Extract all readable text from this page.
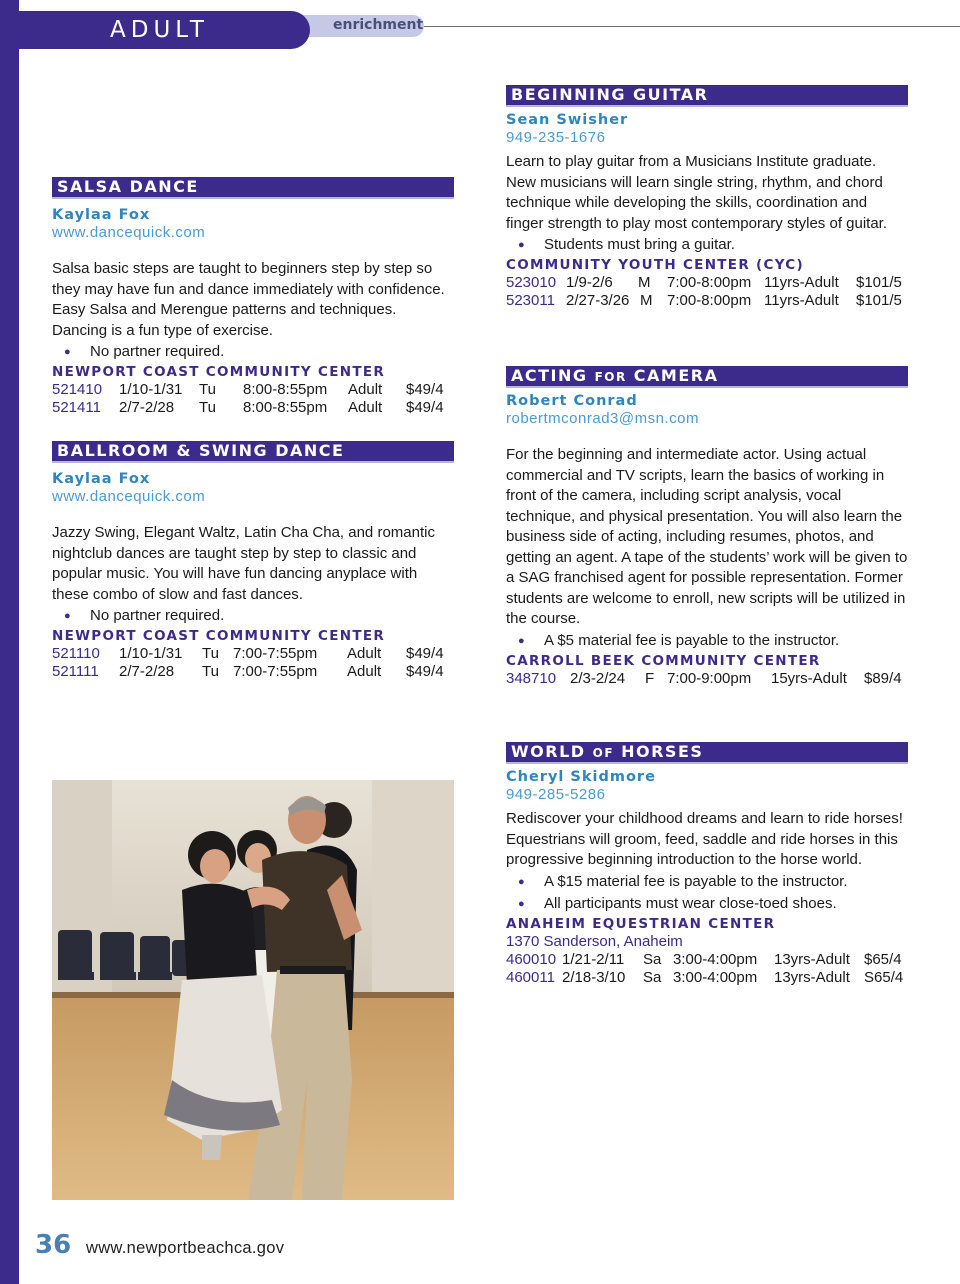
ADULT	enrichment
SALSA DANCE
Kaylaa Fox
www.dancequick.com

Salsa basic steps are taught to beginners step by step so they may have fun and dance immediately with confidence. Easy Salsa and Merengue patterns and techniques. Dancing is a fun type of exercise.

● No partner required.
NEWPORT COAST COMMUNITY CENTER
521410 1/10-1/31 Tu 8:00-8:55pm Adult $49/4
521411 2/7-2/28 Tu 8:00-8:55pm Adult $49/4
BALLROOM & SWING DANCE
Kaylaa Fox
www.dancequick.com

Jazzy Swing, Elegant Waltz, Latin Cha Cha, and romantic nightclub dances are taught step by step to classic and popular music. You will have fun dancing anyplace with these combo of slow and fast dances.

● No partner required.
NEWPORT COAST COMMUNITY CENTER
521110 1/10-1/31 Tu 7:00-7:55pm Adult $49/4
521111 2/7-2/28 Tu 7:00-7:55pm Adult $49/4
BEGINNING GUITAR
Sean Swisher
949-235-1676

Learn to play guitar from a Musicians Institute graduate. New musicians will learn single string, rhythm, and chord technique while developing the skills, coordination and finger strength to play most contemporary styles of guitar.

● Students must bring a guitar.
COMMUNITY YOUTH CENTER (CYC)
523010 1/9-2/6 M 7:00-8:00pm 11yrs-Adult $101/5
523011 2/27-3/26 M 7:00-8:00pm 11yrs-Adult $101/5
ACTING FOR CAMERA
Robert Conrad
robertmconrad3@msn.com

For the beginning and intermediate actor. Using actual commercial and TV scripts, learn the basics of working in front of the camera, including script analysis, vocal technique, and physical presentation. You will also learn the business side of acting, including resumes, photos, and getting an agent. A tape of the students’ work will be given to a SAG franchised agent for possible representation. Former students are welcome to enroll, new scripts will be utilized in the course.

● A $5 material fee is payable to the instructor.
CARROLL BEEK COMMUNITY CENTER
348710 2/3-2/24 F 7:00-9:00pm 15yrs-Adult $89/4
WORLD OF HORSES
Cheryl Skidmore
949-285-5286

Rediscover your childhood dreams and learn to ride horses! Equestrians will groom, feed, saddle and ride horses in this progressive beginning introduction to the horse world.

● A $15 material fee is payable to the instructor.
● All participants must wear close-toed shoes.
ANAHEIM EQUESTRIAN CENTER
1370 Sanderson, Anaheim
460010 1/21-2/11 Sa 3:00-4:00pm 13yrs-Adult $65/4
460011 2/18-3/10 Sa 3:00-4:00pm 13yrs-Adult S65/4
36 www.newportbeachca.gov
